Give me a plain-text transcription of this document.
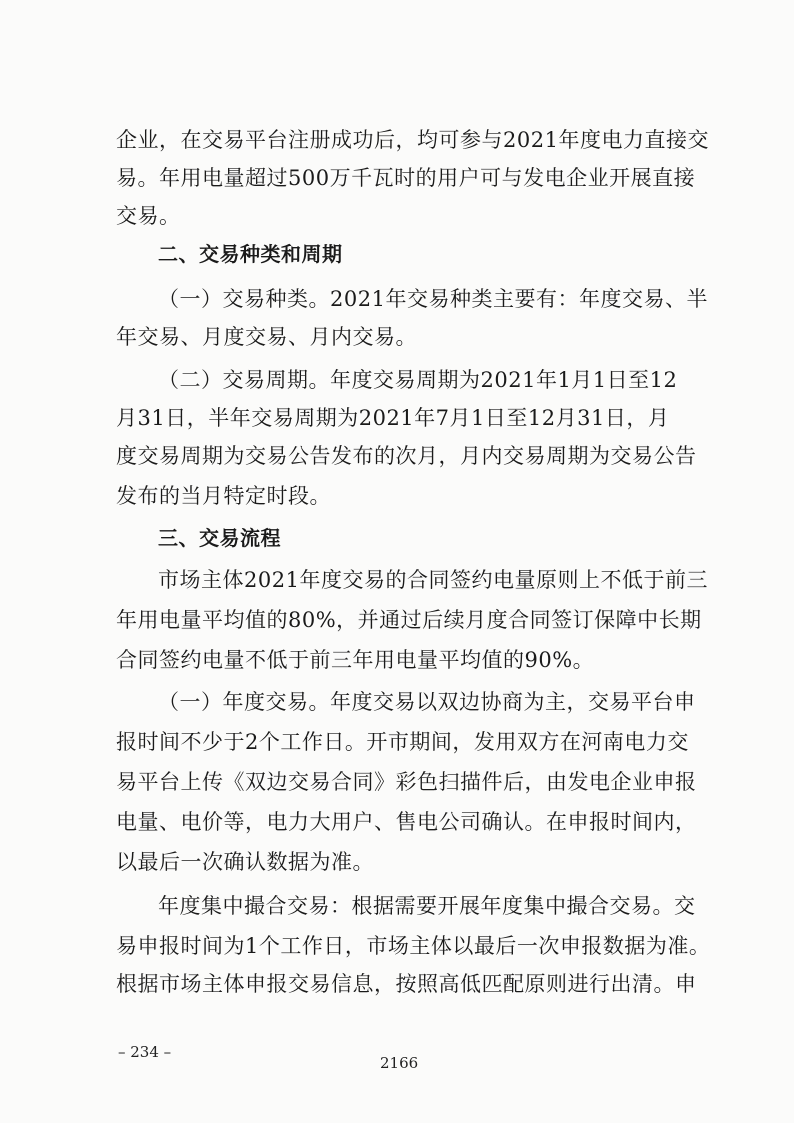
企业，在交易平台注册成功后，均可参与2021年度电力直接交
易。年用电量超过500万千瓦时的用户可与发电企业开展直接
交易。
二、交易种类和周期
（一）交易种类。2021年交易种类主要有：年度交易、半
年交易、月度交易、月内交易。
（二）交易周期。年度交易周期为2021年1月1日至12
月31日，半年交易周期为2021年7月1日至12月31日，月
度交易周期为交易公告发布的次月，月内交易周期为交易公告
发布的当月特定时段。
三、交易流程
市场主体2021年度交易的合同签约电量原则上不低于前三
年用电量平均值的80%，并通过后续月度合同签订保障中长期
合同签约电量不低于前三年用电量平均值的90%。
（一）年度交易。年度交易以双边协商为主，交易平台申
报时间不少于2个工作日。开市期间，发用双方在河南电力交
易平台上传《双边交易合同》彩色扫描件后，由发电企业申报
电量、电价等，电力大用户、售电公司确认。在申报时间内，
以最后一次确认数据为准。
年度集中撮合交易：根据需要开展年度集中撮合交易。交
易申报时间为1个工作日，市场主体以最后一次申报数据为准。
根据市场主体申报交易信息，按照高低匹配原则进行出清。申
– 234 –
2166
